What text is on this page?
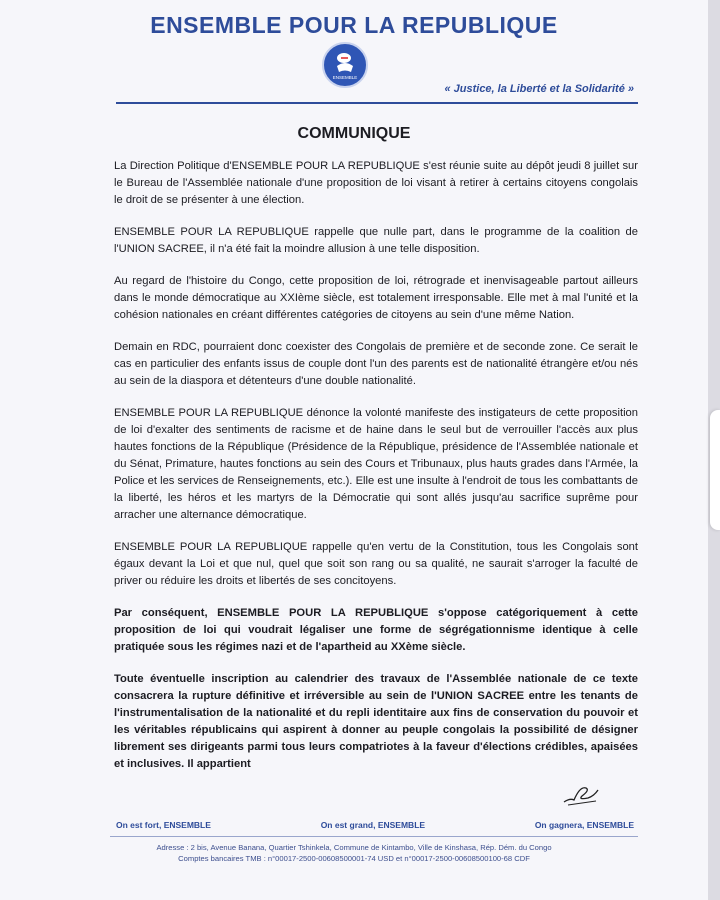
ENSEMBLE POUR LA REPUBLIQUE
ENSEMBLE
« Justice, la Liberté et la Solidarité »
COMMUNIQUE

La Direction Politique d'ENSEMBLE POUR LA REPUBLIQUE s'est réunie suite au dépôt jeudi 8 juillet sur le Bureau de l'Assemblée nationale d'une proposition de loi visant à retirer à certains citoyens congolais le droit de se présenter à une élection.

ENSEMBLE POUR LA REPUBLIQUE rappelle que nulle part, dans le programme de la coalition de l'UNION SACREE, il n'a été fait la moindre allusion à une telle disposition.

Au regard de l'histoire du Congo, cette proposition de loi, rétrograde et inenvisageable partout ailleurs dans le monde démocratique au XXIème siècle, est totalement irresponsable. Elle met à mal l'unité et la cohésion nationales en créant différentes catégories de citoyens au sein d'une même Nation.

Demain en RDC, pourraient donc coexister des Congolais de première et de seconde zone. Ce serait le cas en particulier des enfants issus de couple dont l'un des parents est de nationalité étrangère et/ou nés au sein de la diaspora et détenteurs d'une double nationalité.

ENSEMBLE POUR LA REPUBLIQUE dénonce la volonté manifeste des instigateurs de cette proposition de loi d'exalter des sentiments de racisme et de haine dans le seul but de verrouiller l'accès aux plus hautes fonctions de la République (Présidence de la République, présidence de l'Assemblée nationale et du Sénat, Primature, hautes fonctions au sein des Cours et Tribunaux, plus hauts grades dans l'Armée, la Police et les services de Renseignements, etc.). Elle est une insulte à l'endroit de tous les combattants de la liberté, les héros et les martyrs de la Démocratie qui sont allés jusqu'au sacrifice suprême pour arracher une alternance démocratique.

ENSEMBLE POUR LA REPUBLIQUE rappelle qu'en vertu de la Constitution, tous les Congolais sont égaux devant la Loi et que nul, quel que soit son rang ou sa qualité, ne saurait s'arroger la faculté de priver ou réduire les droits et libertés de ses concitoyens.

Par conséquent, ENSEMBLE POUR LA REPUBLIQUE s'oppose catégoriquement à cette proposition de loi qui voudrait légaliser une forme de ségrégationnisme identique à celle pratiquée sous les régimes nazi et de l'apartheid au XXème siècle.

Toute éventuelle inscription au calendrier des travaux de l'Assemblée nationale de ce texte consacrera la rupture définitive et irréversible au sein de l'UNION SACREE entre les tenants de l'instrumentalisation de la nationalité et du repli identitaire aux fins de conservation du pouvoir et les véritables républicains qui aspirent à donner au peuple congolais la possibilité de désigner librement ses dirigeants parmi tous leurs compatriotes à la faveur d'élections crédibles, apaisées et inclusives. Il appartient

On est fort, ENSEMBLE	On est grand, ENSEMBLE	On gagnera, ENSEMBLE
Adresse : 2 bis, Avenue Banana, Quartier Tshinkela, Commune de Kintambo, Ville de Kinshasa, Rép. Dém. du Congo
Comptes bancaires TMB : n°00017-2500-00608500001-74 USD et n°00017-2500-00608500100-68 CDF
